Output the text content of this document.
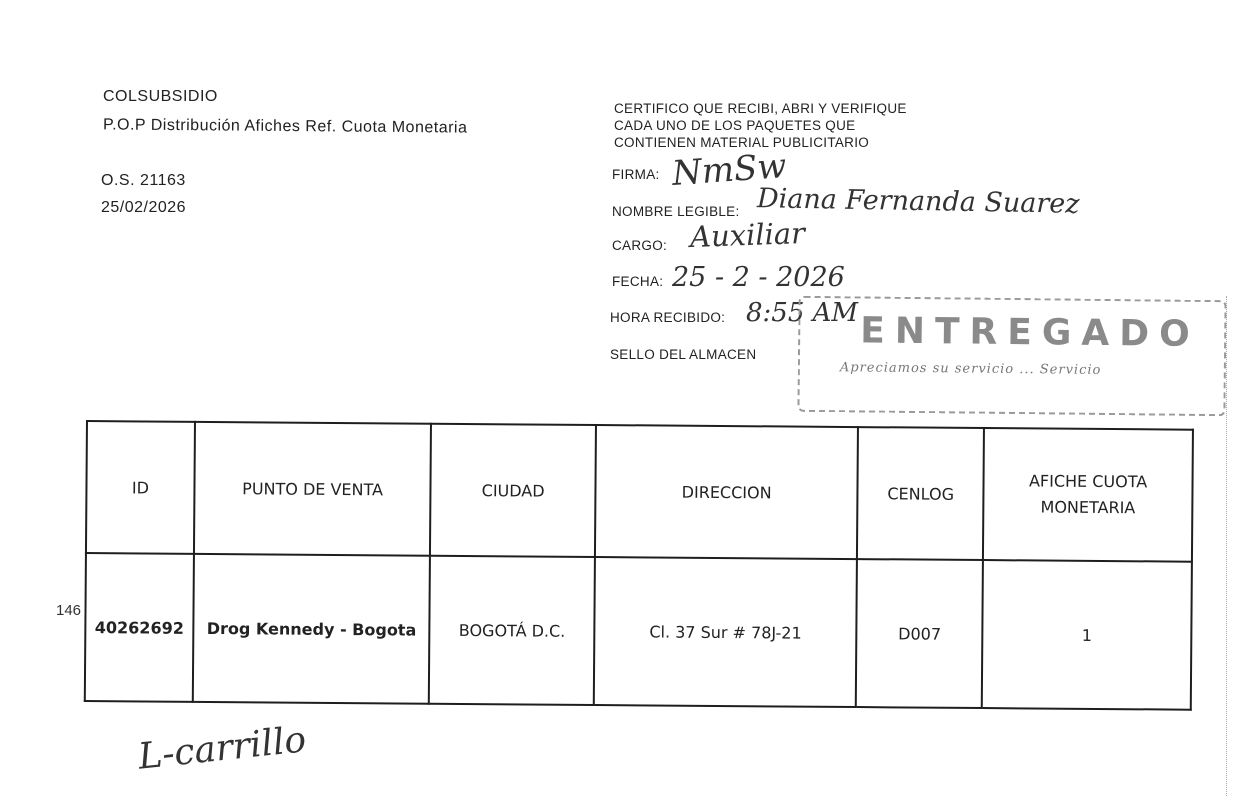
COLSUBSIDIO
P.O.P Distribución Afiches Ref. Cuota Monetaria
O.S. 21163
25/02/2026
CERTIFICO QUE RECIBI, ABRI Y VERIFIQUE
CADA UNO DE LOS PAQUETES QUE
CONTIENEN MATERIAL PUBLICITARIO
FIRMA: NmSw
NOMBRE LEGIBLE: Diana Fernanda Suarez
CARGO: Auxiliar
FECHA: 25 - 2 - 2026
HORA RECIBIDO: 8:55 AM
SELLO DEL ALMACEN	ENTREGADO
Apreciamos su servicio ... Servicio
146
ID	PUNTO DE VENTA	CIUDAD	DIRECCION	CENLOG	AFICHE CUOTA MONETARIA
40262692	Drog Kennedy - Bogota	BOGOTÁ D.C.	Cl. 37 Sur # 78J-21	D007	1
L-carrillo
